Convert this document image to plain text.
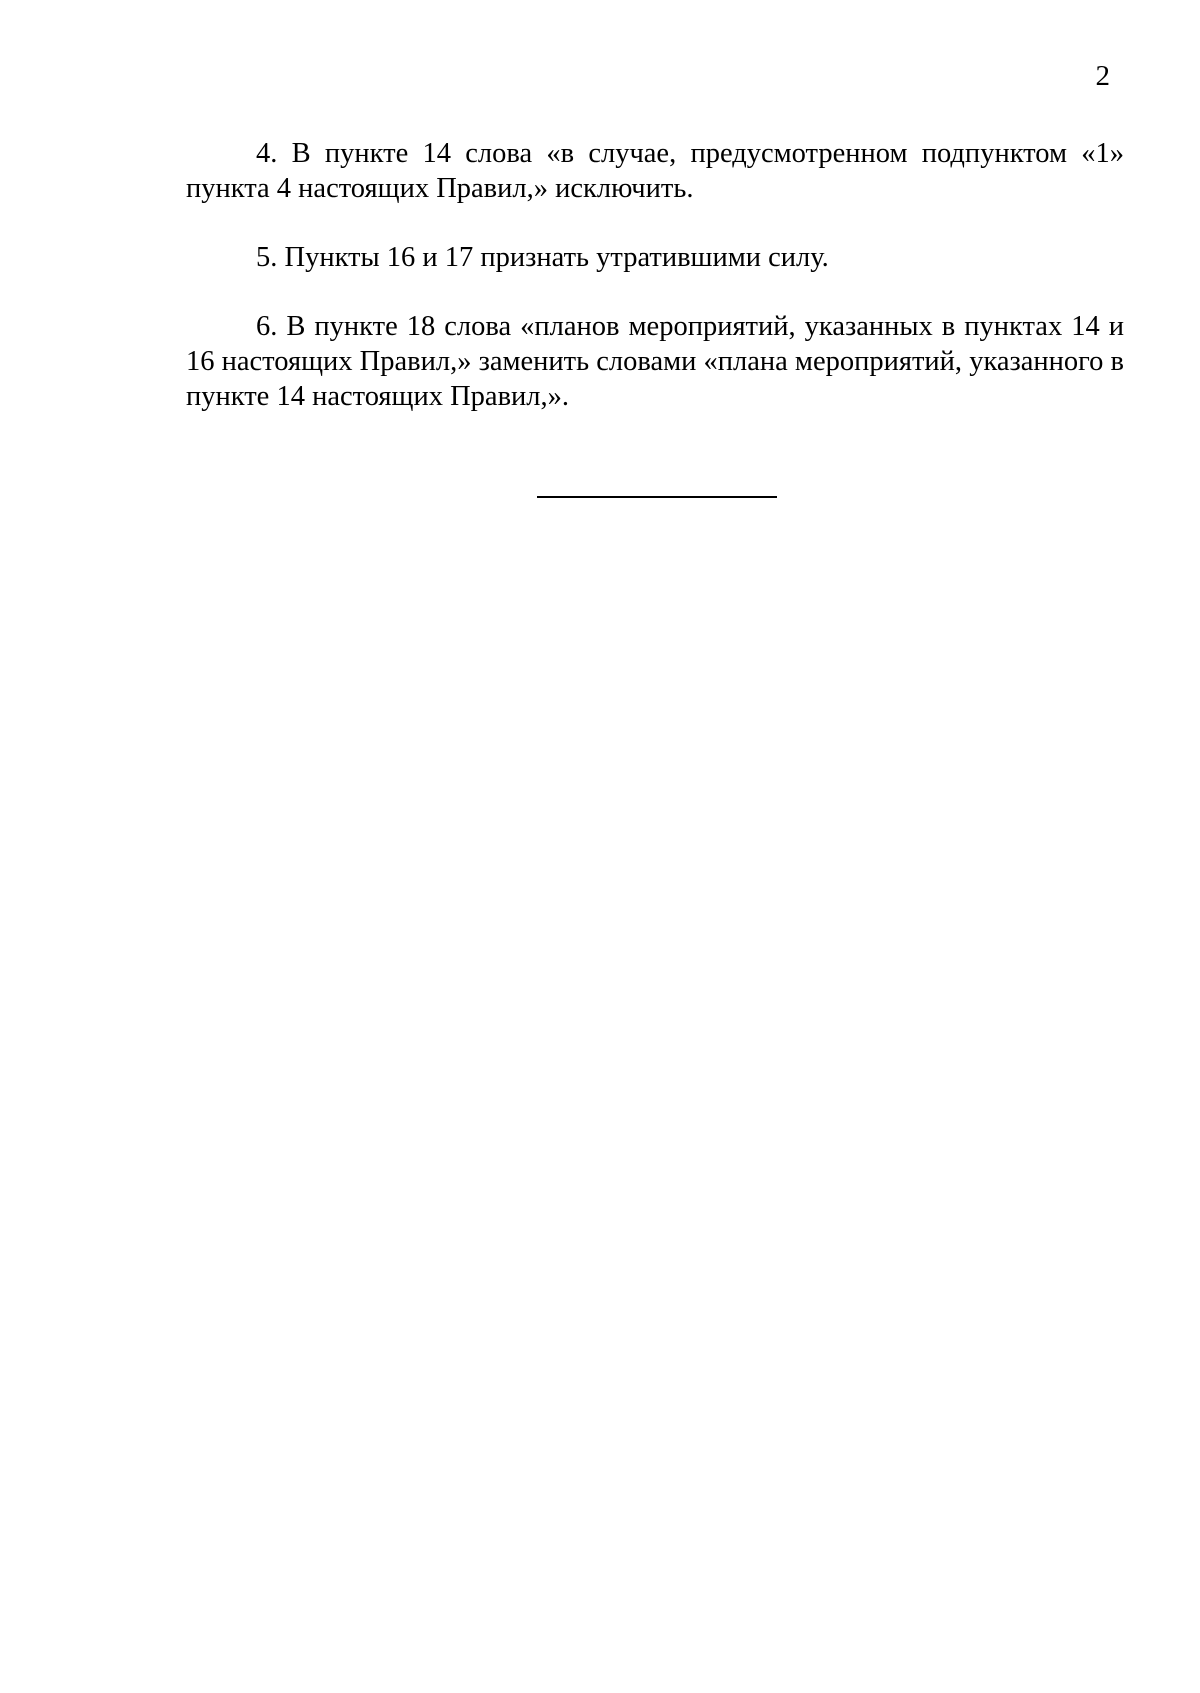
2

4. В пункте 14 слова «в случае, предусмотренном подпунктом «1» пункта 4 настоящих Правил,» исключить.

5. Пункты 16 и 17 признать утратившими силу.

6. В пункте 18 слова «планов мероприятий, указанных в пунктах 14 и 16 настоящих Правил,» заменить словами «плана мероприятий, указанного в пункте 14 настоящих Правил,».
